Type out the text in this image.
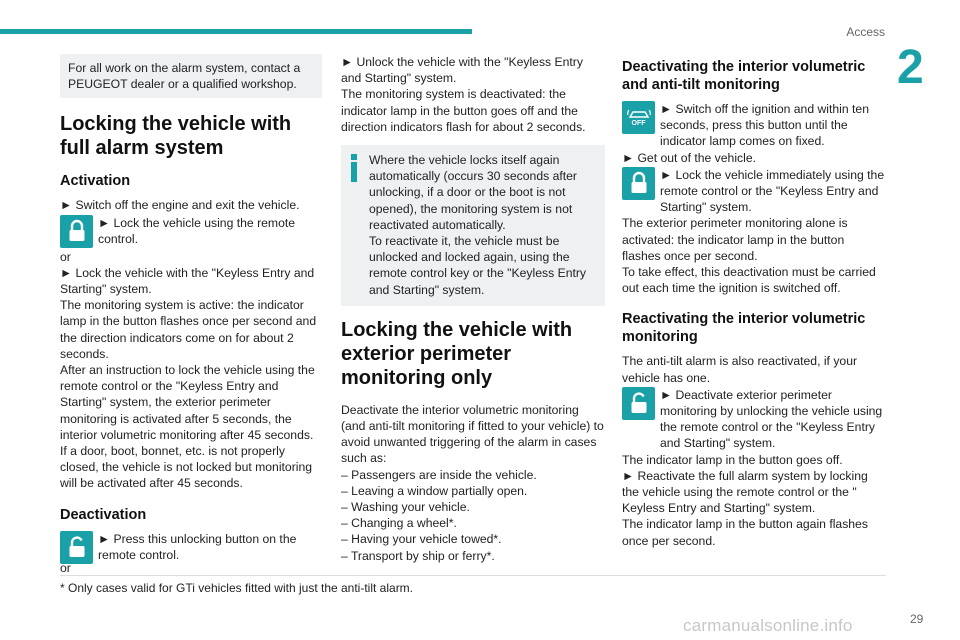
Access
2

For all work on the alarm system, contact a PEUGEOT dealer or a qualified workshop.

Locking the vehicle with full alarm system
Activation

► Switch off the engine and exit the vehicle.

► Lock the vehicle using the remote control.

or

► Lock the vehicle with the "Keyless Entry and Starting" system.

The monitoring system is active: the indicator lamp in the button flashes once per second and the direction indicators come on for about 2 seconds.

After an instruction to lock the vehicle using the remote control or the "Keyless Entry and Starting" system, the exterior perimeter monitoring is activated after 5 seconds, the interior volumetric monitoring after 45 seconds.

If a door, boot, bonnet, etc. is not properly closed, the vehicle is not locked but monitoring will be activated after 45 seconds.

Deactivation

► Press this unlocking button on the remote control.

or

► Unlock the vehicle with the "Keyless Entry and Starting" system.

The monitoring system is deactivated: the indicator lamp in the button goes off and the direction indicators flash for about 2 seconds.

Where the vehicle locks itself again automatically (occurs 30 seconds after unlocking, if a door or the boot is not opened), the monitoring system is not reactivated automatically.

To reactivate it, the vehicle must be unlocked and locked again, using the remote control key or the "Keyless Entry and Starting" system.

Locking the vehicle with exterior perimeter monitoring only

Deactivate the interior volumetric monitoring (and anti-tilt monitoring if fitted to your vehicle) to avoid unwanted triggering of the alarm in cases such as:

– Passengers are inside the vehicle.

– Leaving a window partially open.

– Washing your vehicle.

– Changing a wheel*.

– Having your vehicle towed*.

– Transport by ship or ferry*.

Deactivating the interior volumetric and anti-tilt monitoring
OFF

► Switch off the ignition and within ten seconds, press this button until the indicator lamp comes on fixed.

► Get out of the vehicle.

► Lock the vehicle immediately using the remote control or the "Keyless Entry and Starting" system.

The exterior perimeter monitoring alone is activated: the indicator lamp in the button flashes once per second.

To take effect, this deactivation must be carried out each time the ignition is switched off.

Reactivating the interior volumetric monitoring

The anti-tilt alarm is also reactivated, if your vehicle has one.

► Deactivate exterior perimeter monitoring by unlocking the vehicle using the remote control or the "Keyless Entry and Starting" system.

The indicator lamp in the button goes off.

► Reactivate the full alarm system by locking the vehicle using the remote control or the " Keyless Entry and Starting" system.

The indicator lamp in the button again flashes once per second.

* Only cases valid for GTi vehicles fitted with just the anti-tilt alarm.
carmanualsonline.info	29
